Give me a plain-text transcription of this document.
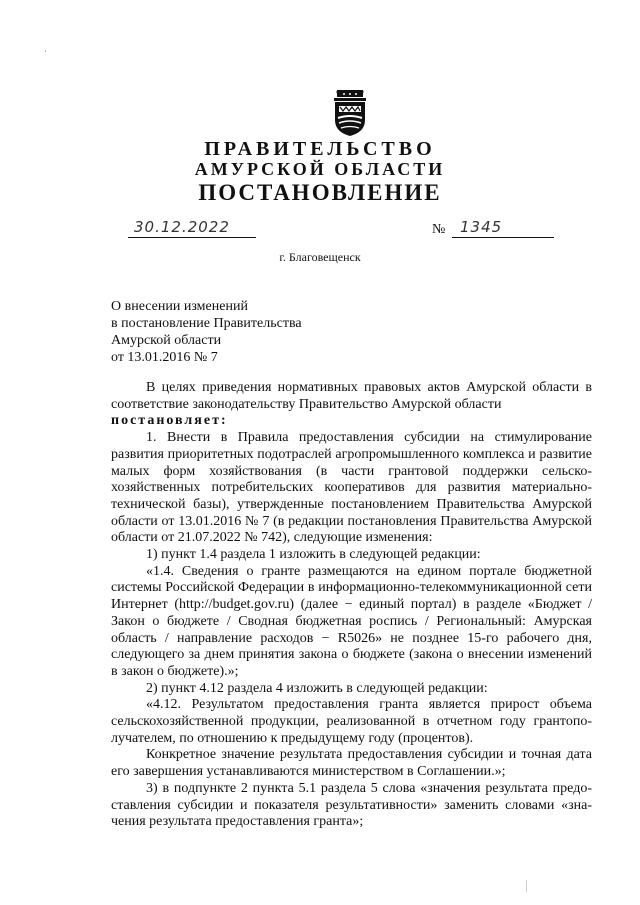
ПРАВИТЕЛЬСТВО
АМУРСКОЙ ОБЛАСТИ
ПОСТАНОВЛЕНИЕ
30.12.2022	№ 1345
г. Благовещенск
О внесении изменений
в постановление Правительства
Амурской области
от 13.01.2016 № 7

В целях приведения нормативных правовых актов Амурской области в соответствие законодательству Правительство Амурской области

постановляет:

1. Внести в Правила предоставления субсидии на стимулирование развития приоритетных подотраслей агропромышленного комплекса и развитие малых форм хозяйствования (в части грантовой поддержки сельско-хозяйственных потребительских кооперативов для развития материально-технической базы), утвержденные постановлением Правительства Амурской области от 13.01.2016 № 7 (в редакции постановления Правительства Амурской области от 21.07.2022 № 742), следующие изменения:

1) пункт 1.4 раздела 1 изложить в следующей редакции:

«1.4. Сведения о гранте размещаются на едином портале бюджетной системы Российской Федерации в информационно-телекоммуникационной сети Интернет (http://budget.gov.ru) (далее − единый портал) в разделе «Бюджет / Закон о бюджете / Сводная бюджетная роспись / Региональный: Амурская область / направление расходов − R5026» не позднее 15-го рабочего дня, следующего за днем принятия закона о бюджете (закона о внесении изменений в закон о бюджете).»;

2) пункт 4.12 раздела 4 изложить в следующей редакции:

«4.12. Результатом предоставления гранта является прирост объема сельскохозяйственной продукции, реализованной в отчетном году грантопо-лучателем, по отношению к предыдущему году (процентов).

Конкретное значение результата предоставления субсидии и точная дата его завершения устанавливаются министерством в Соглашении.»;

3) в подпункте 2 пункта 5.1 раздела 5 слова «значения результата предо-ставления субсидии и показателя результативности» заменить словами «зна-чения результата предоставления гранта»;
